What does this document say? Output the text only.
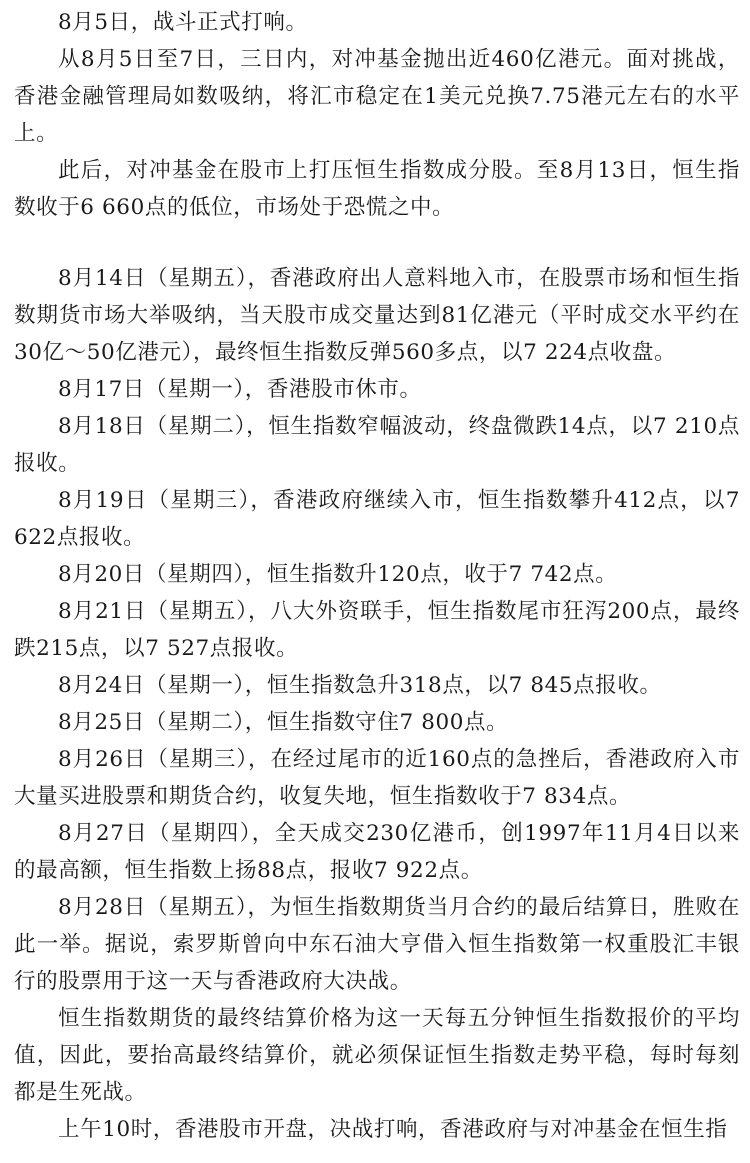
8月5日，战斗正式打响。

从8月5日至7日，三日内，对冲基金抛出近460亿港元。面对挑战，香港金融管理局如数吸纳，将汇市稳定在1美元兑换7.75港元左右的水平上。

此后，对冲基金在股市上打压恒生指数成分股。至8月13日，恒生指数收于6 660点的低位，市场处于恐慌之中。

8月14日（星期五），香港政府出人意料地入市，在股票市场和恒生指数期货市场大举吸纳，当天股市成交量达到81亿港元（平时成交水平约在30亿～50亿港元），最终恒生指数反弹560多点，以7 224点收盘。

8月17日（星期一），香港股市休市。

8月18日（星期二），恒生指数窄幅波动，终盘微跌14点，以7 210点报收。

8月19日（星期三），香港政府继续入市，恒生指数攀升412点，以7 622点报收。

8月20日（星期四），恒生指数升120点，收于7 742点。

8月21日（星期五），八大外资联手，恒生指数尾市狂泻200点，最终跌215点，以7 527点报收。

8月24日（星期一），恒生指数急升318点，以7 845点报收。

8月25日（星期二），恒生指数守住7 800点。

8月26日（星期三），在经过尾市的近160点的急挫后，香港政府入市大量买进股票和期货合约，收复失地，恒生指数收于7 834点。

8月27日（星期四），全天成交230亿港币，创1997年11月4日以来的最高额，恒生指数上扬88点，报收7 922点。

8月28日（星期五），为恒生指数期货当月合约的最后结算日，胜败在此一举。据说，索罗斯曾向中东石油大亨借入恒生指数第一权重股汇丰银行的股票用于这一天与香港政府大决战。

恒生指数期货的最终结算价格为这一天每五分钟恒生指数报价的平均值，因此，要抬高最终结算价，就必须保证恒生指数走势平稳，每时每刻都是生死战。

上午10时，香港股市开盘，决战打响，香港政府与对冲基金在恒生指
